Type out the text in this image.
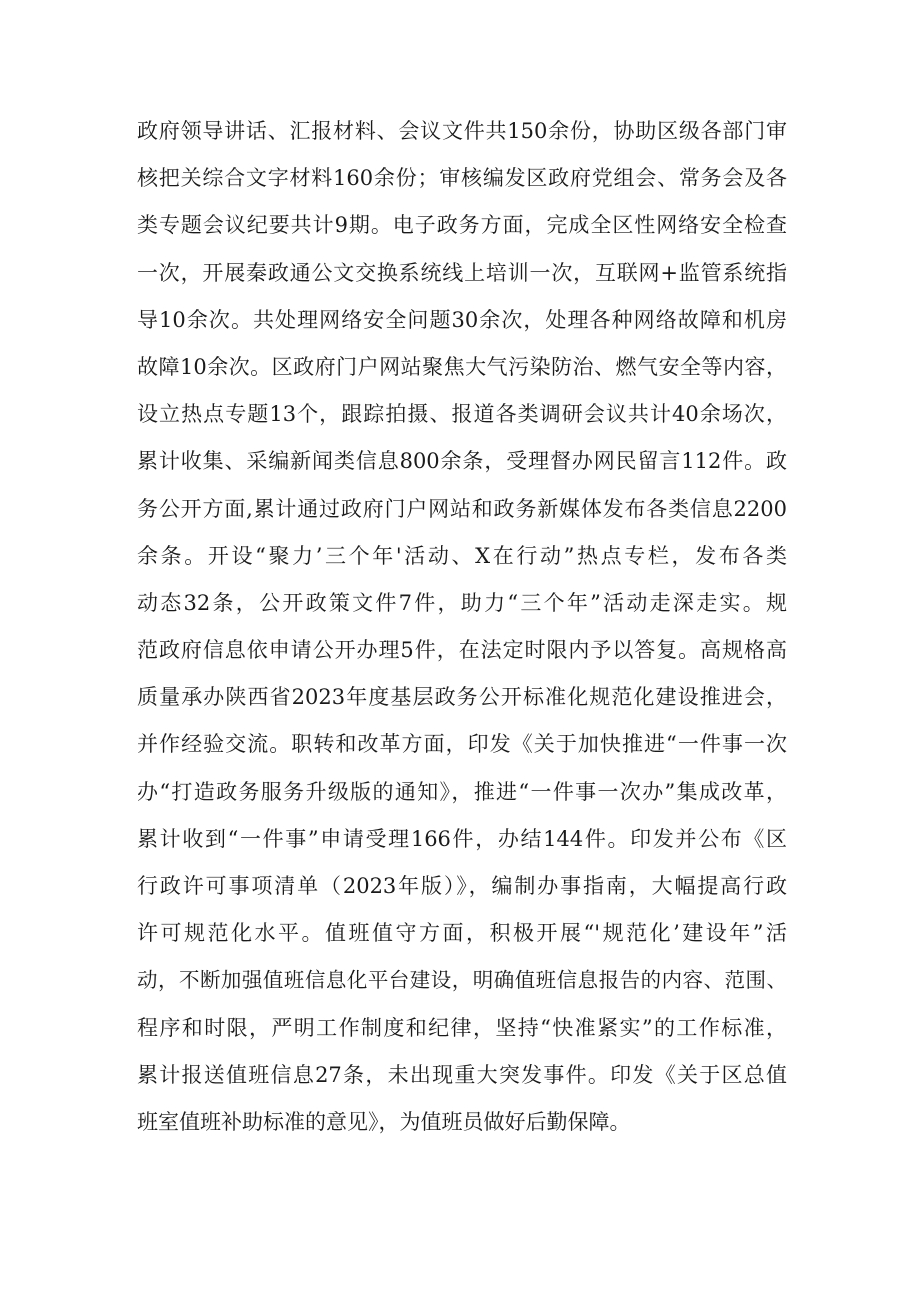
政府领导讲话、汇报材料、会议文件共150余份，协助区级各部门审
核把关综合文字材料160余份；审核编发区政府党组会、常务会及各
类专题会议纪要共计9期。电子政务方面，完成全区性网络安全检查
一次，开展秦政通公文交换系统线上培训一次，互联网+监管系统指
导10余次。共处理网络安全问题30余次，处理各种网络故障和机房
故障10余次。区政府门户网站聚焦大气污染防治、燃气安全等内容，
设立热点专题13个，跟踪拍摄、报道各类调研会议共计40余场次，
累计收集、采编新闻类信息800余条，受理督办网民留言112件。政
务公开方面,累计通过政府门户网站和政务新媒体发布各类信息2200
余条。开设“聚力’三个年'活动、X在行动”热点专栏，发布各类
动态32条，公开政策文件7件，助力“三个年”活动走深走实。规
范政府信息依申请公开办理5件，在法定时限内予以答复。高规格高
质量承办陕西省2023年度基层政务公开标准化规范化建设推进会，
并作经验交流。职转和改革方面，印发《关于加快推进“一件事一次
办“打造政务服务升级版的通知》，推进“一件事一次办”集成改革，
累计收到“一件事”申请受理166件，办结144件。印发并公布《区
行政许可事项清单（2023年版）》，编制办事指南，大幅提高行政
许可规范化水平。值班值守方面，积极开展“'规范化’建设年”活
动，不断加强值班信息化平台建设，明确值班信息报告的内容、范围、
程序和时限，严明工作制度和纪律，坚持“快准紧实”的工作标准，
累计报送值班信息27条，未出现重大突发事件。印发《关于区总值
班室值班补助标准的意见》，为值班员做好后勤保障。
